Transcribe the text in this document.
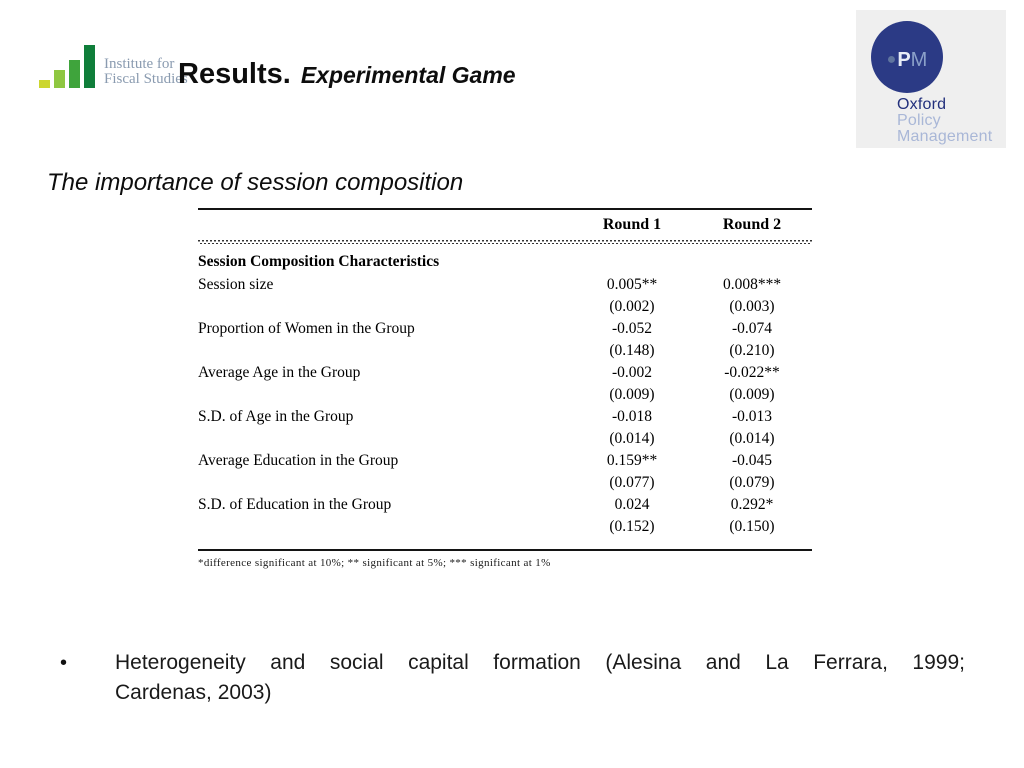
Institute for
Fiscal Studies
Results. Experimental Game
● P M
Oxford
Policy
Management
The importance of session composition
Round 1	Round 2
Session Composition Characteristics
Session size	0.005**	0.008***
(0.002)	(0.003)
Proportion of Women in the Group	-0.052	-0.074
(0.148)	(0.210)
Average Age in the Group	-0.002	-0.022**
(0.009)	(0.009)
S.D. of Age in the Group	-0.018	-0.013
(0.014)	(0.014)
Average Education in the Group	0.159**	-0.045
(0.077)	(0.079)
S.D. of Education in the Group	0.024	0.292*
(0.152)	(0.150)
*difference significant at 10%; ** significant at 5%; *** significant at 1%
•	Heterogeneity and social capital formation (Alesina and La Ferrara, 1999;
Cardenas, 2003)
